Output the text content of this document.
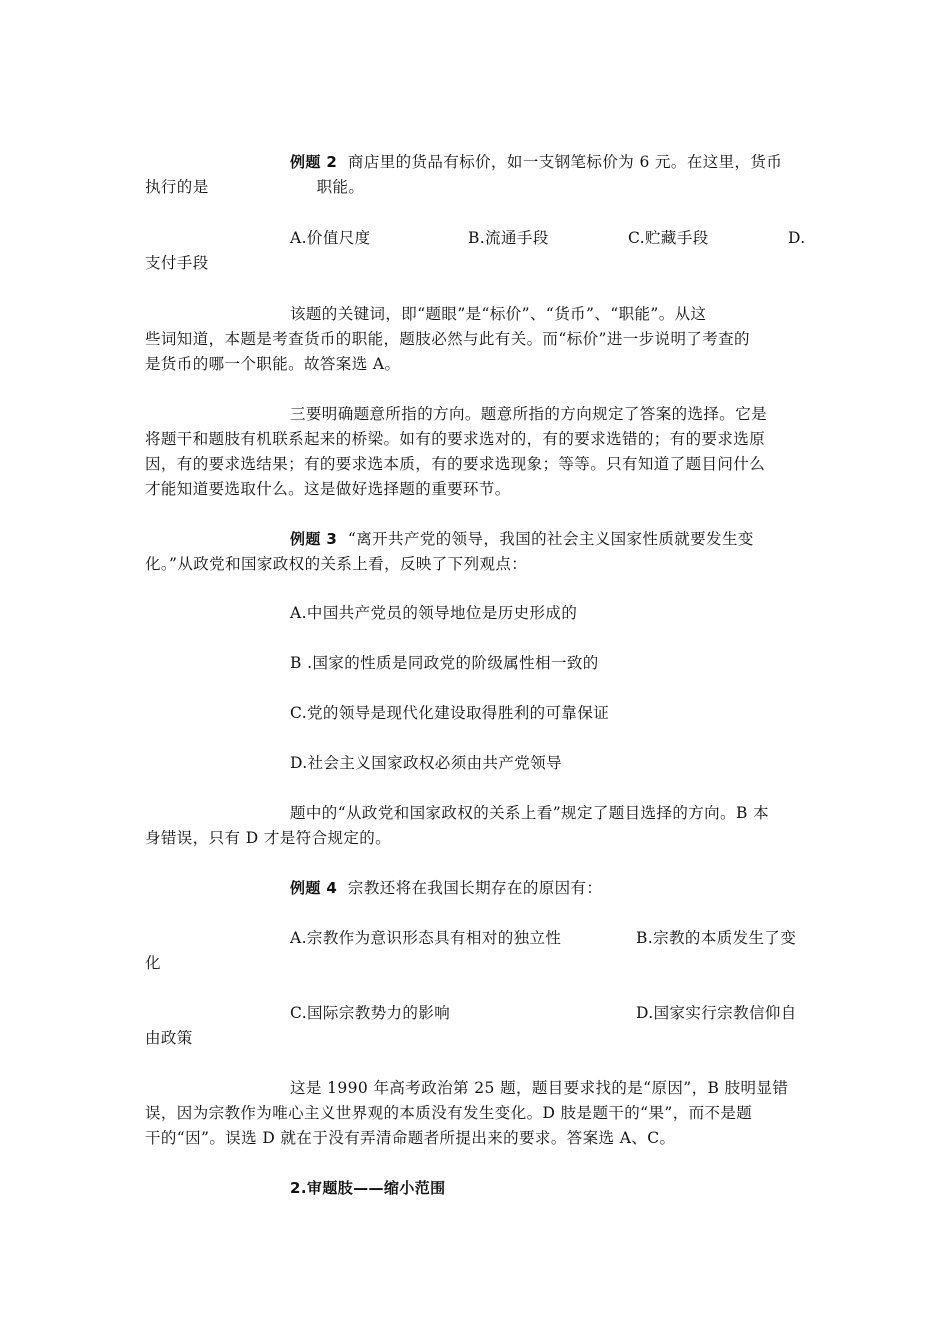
例题 2  商店里的货品有标价，如一支钢笔标价为 6 元。在这里，货币
执行的是	职能。
A.价值尺度	B.流通手段	C.贮藏手段	D.
支付手段
该题的关键词，即“题眼”是“标价”、“货币”、“职能”。从这
些词知道，本题是考查货币的职能，题肢必然与此有关。而“标价”进一步说明了考查的
是货币的哪一个职能。故答案选 A。
三要明确题意所指的方向。题意所指的方向规定了答案的选择。它是
将题干和题肢有机联系起来的桥梁。如有的要求选对的，有的要求选错的；有的要求选原
因，有的要求选结果；有的要求选本质，有的要求选现象；等等。只有知道了题目问什么
才能知道要选取什么。这是做好选择题的重要环节。
例题 3  “离开共产党的领导，我国的社会主义国家性质就要发生变
化。”从政党和国家政权的关系上看，反映了下列观点：
A.中国共产党员的领导地位是历史形成的
B .国家的性质是同政党的阶级属性相一致的
C.党的领导是现代化建设取得胜利的可靠保证
D.社会主义国家政权必须由共产党领导
题中的“从政党和国家政权的关系上看”规定了题目选择的方向。B 本
身错误，只有 D 才是符合规定的。
例题 4  宗教还将在我国长期存在的原因有：
A.宗教作为意识形态具有相对的独立性	B.宗教的本质发生了变
化
C.国际宗教势力的影响	D.国家实行宗教信仰自
由政策
这是 1990 年高考政治第 25 题，题目要求找的是“原因”，B 肢明显错
误，因为宗教作为唯心主义世界观的本质没有发生变化。D 肢是题干的“果”，而不是题
干的“因”。误选 D 就在于没有弄清命题者所提出来的要求。答案选 A、C。
2.审题肢——缩小范围
